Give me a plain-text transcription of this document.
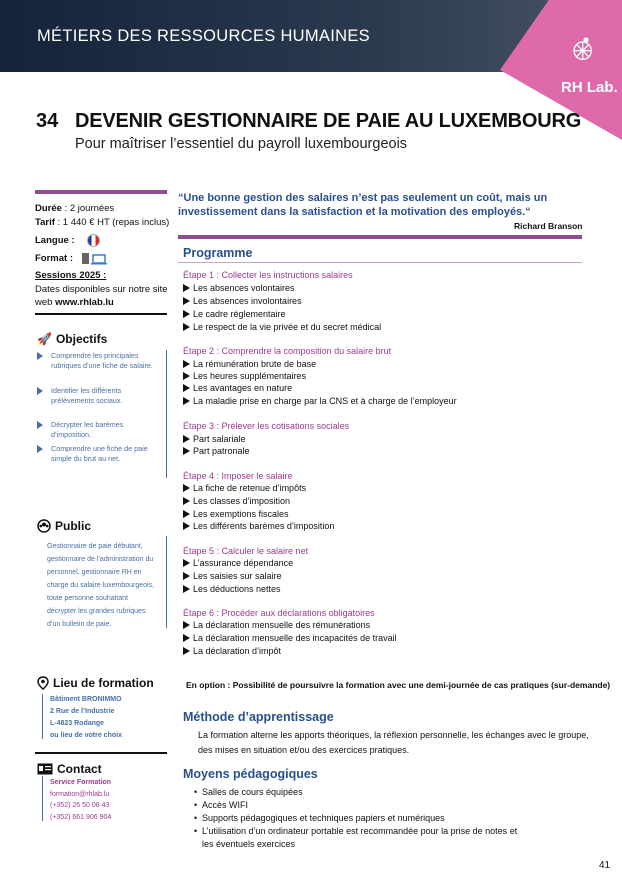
MÉTIERS DES RESSOURCES HUMAINES
RH Lab.
34 DEVENIR GESTIONNAIRE DE PAIE AU LUXEMBOURG
Pour maîtriser l’essentiel du payroll luxembourgeois
Durée : 2 journées
Tarif : 1 440 € HT (repas inclus)
Langue :
Format :
Sessions 2025 :
Dates disponibles sur notre site
web www.rhlab.lu
🚀 Objectifs
Comprendre les principales rubriques d’une fiche de salaire.
Identifier les différents prélèvements sociaux.
Décrypter les barèmes d’imposition.
Comprendre une fiche de paie simple du brut au net.
Public
Gestionnaire de paie débutant,
gestionnaire de l’administration du
personnel, gestionnaire RH en
charge du salaire luxembourgeois,
toute personne souhaitant
décrypter les grandes rubriques
d’un bulletin de paie.
Lieu de formation
Bâtiment BRONIMMO
2 Rue de l’Industrie
L-4823 Rodange
ou lieu de votre choix
Contact
Service Formation
formation@rhlab.lu
(+352) 26 50 08 43
(+352) 661 906 904
“Une bonne gestion des salaires n’est pas seulement un coût, mais un investissement dans la satisfaction et la motivation des employés.“
Richard Branson
Programme
Étape 1 : Collecter les instructions salaires
Les absences volontaires
Les absences involontaires
Le cadre réglementaire
Le respect de la vie privée et du secret médical
Étape 2 : Comprendre la composition du salaire brut
La rémunération brute de base
Les heures supplémentaires
Les avantages en nature
La maladie prise en charge par la CNS et à charge de l’employeur
Étape 3 : Prélever les cotisations sociales
Part salariale
Part patronale
Étape 4 : Imposer le salaire
La fiche de retenue d’impôts
Les classes d’imposition
Les exemptions fiscales
Les différents barèmes d’imposition
Étape 5 : Calculer le salaire net
L’assurance dépendance
Les saisies sur salaire
Les déductions nettes
Étape 6 : Procéder aux déclarations obligatoires
La déclaration mensuelle des rémunérations
La déclaration mensuelle des incapacités de travail
La déclaration d’impôt
En option : Possibilité de poursuivre la formation avec une demi-journée de cas pratiques (sur-demande)
Méthode d’apprentissage
La formation alterne les apports théoriques, la réflexion personnelle, les échanges avec le groupe,
des mises en situation et/ou des exercices pratiques.
Moyens pédagogiques
• Salles de cours équipées
• Accès WIFI
• Supports pédagogiques et techniques papiers et numériques
• L’utilisation d’un ordinateur portable est recommandée pour la prise de notes et
les éventuels exercices
41
